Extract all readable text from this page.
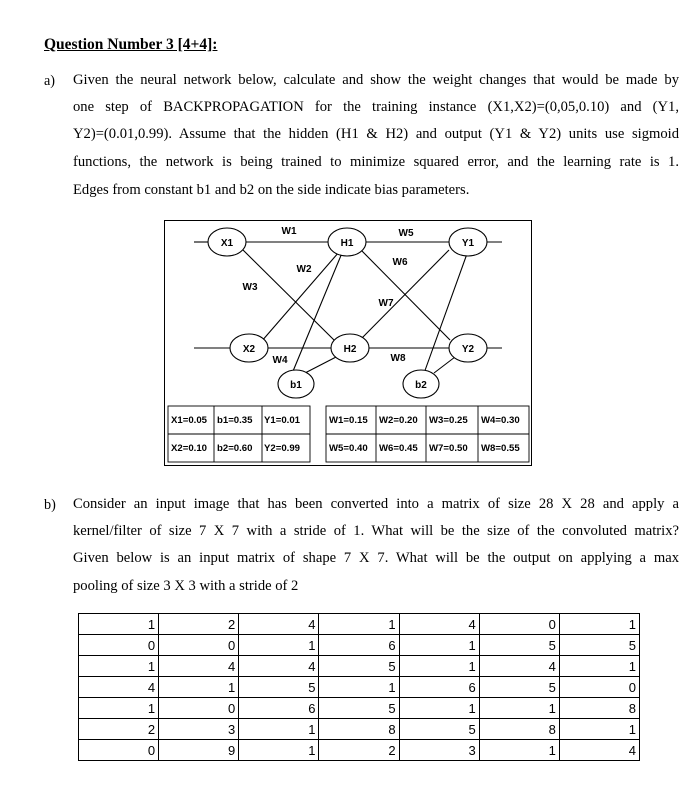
Question Number 3 [4+4]:
a) Given the neural network below, calculate and show the weight changes that would be made by
one step of BACKPROPAGATION for the training instance (X1,X2)=(0,05,0.10) and (Y1,
Y2)=(0.01,0.99). Assume that the hidden (H1 & H2) and output (Y1 & Y2) units use sigmoid
functions, the network is being trained to minimize squared error, and the learning rate is 1.
Edges from constant b1 and b2 on the side indicate bias parameters.
X1
X2
H1
H2
Y1
Y2
b1	b2
W1
W2
W3
W4
W5
W6
W7
W8
X1=0.05 b1=0.35 Y1=0.01	W1=0.15 W2=0.20 W3=0.25 W4=0.30
X2=0.10 b2=0.60 Y2=0.99	W5=0.40 W6=0.45 W7=0.50 W8=0.55
b) Consider an input image that has been converted into a matrix of size 28 X 28 and apply a
kernel/filter of size 7 X 7 with a stride of 1. What will be the size of the convoluted matrix?
Given below is an input matrix of shape 7 X 7. What will be the output on applying a max
pooling of size 3 X 3 with a stride of 2
1	2	4	1	4	0	1
0	0	1	6	1	5	5
1	4	4	5	1	4	1
4	1	5	1	6	5	0
1	0	6	5	1	1	8
2	3	1	8	5	8	1
0	9	1	2	3	1	4
